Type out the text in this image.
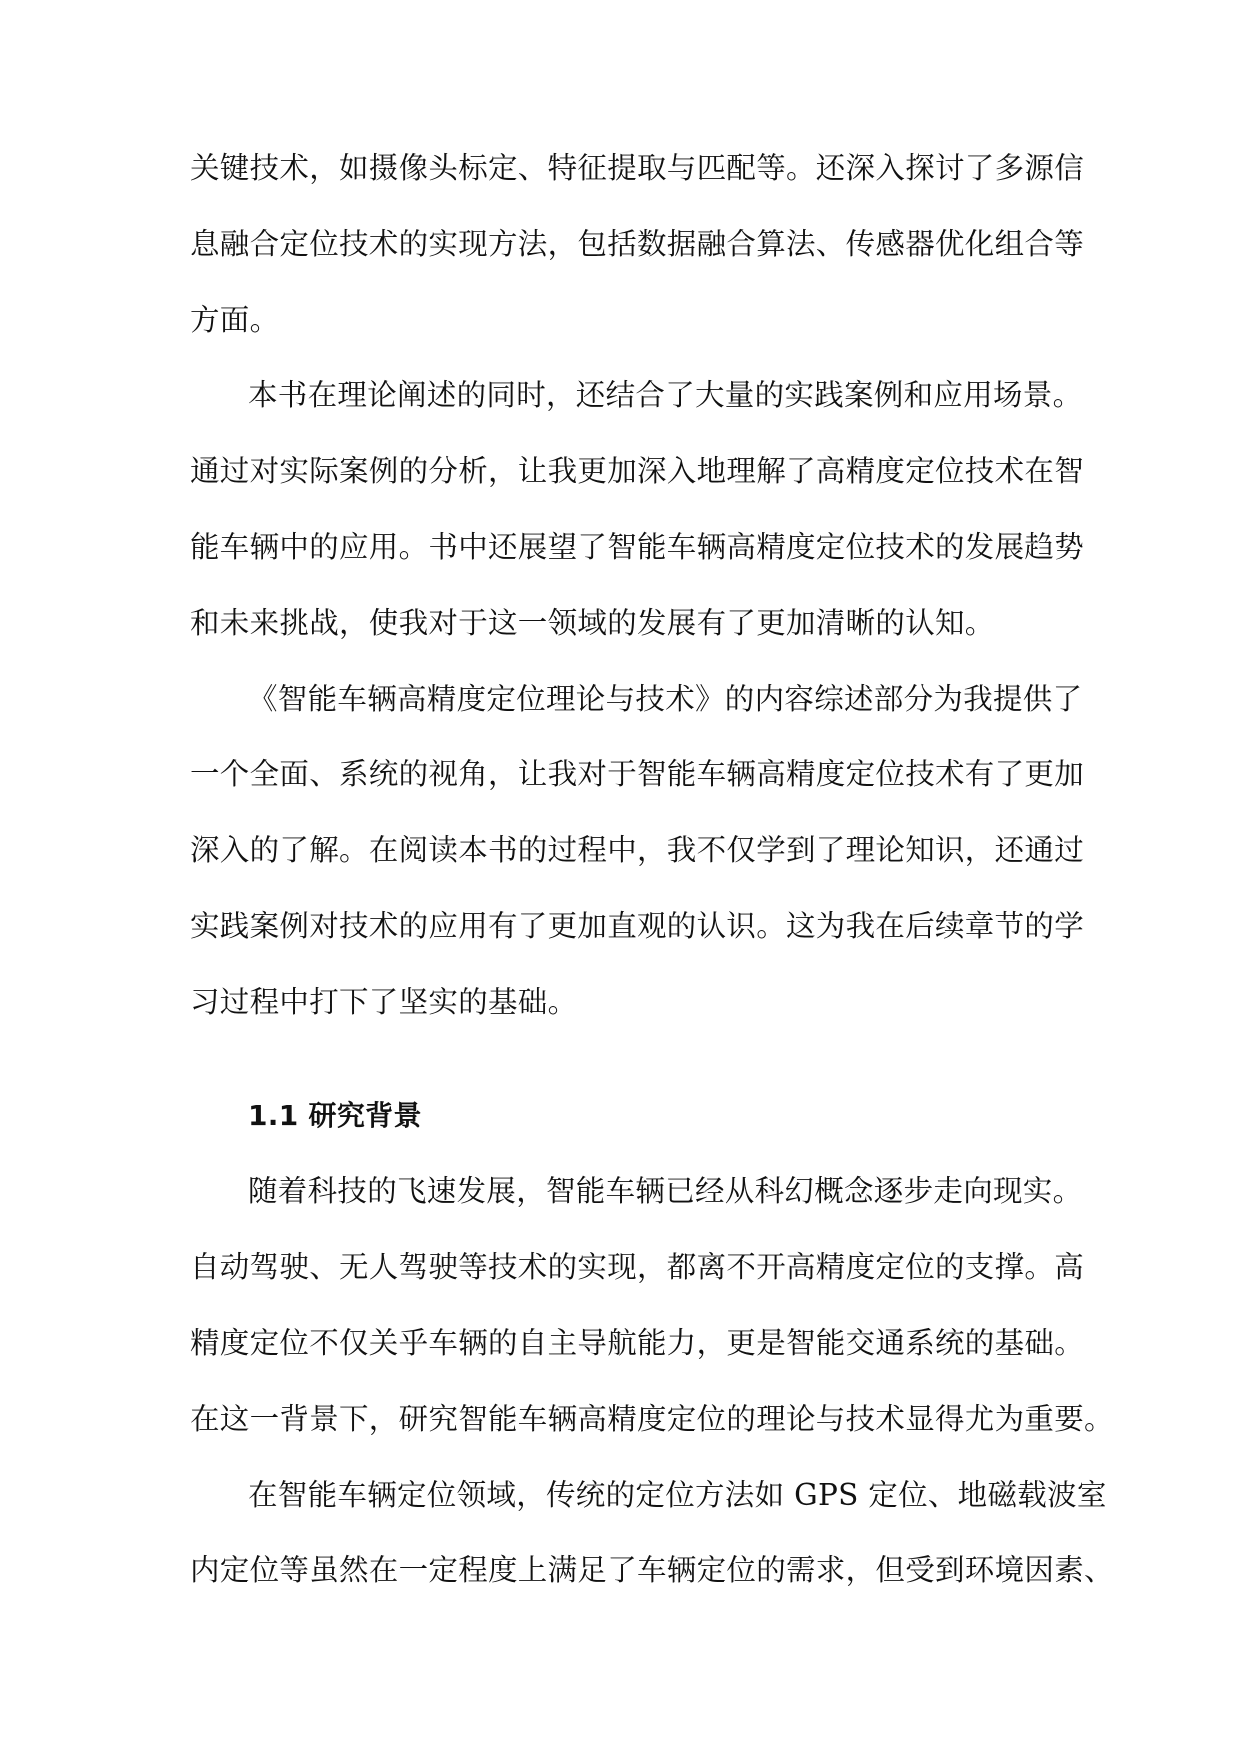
关键技术，如摄像头标定、特征提取与匹配等。还深入探讨了多源信
息融合定位技术的实现方法，包括数据融合算法、传感器优化组合等
方面。
本书在理论阐述的同时，还结合了大量的实践案例和应用场景。
通过对实际案例的分析，让我更加深入地理解了高精度定位技术在智
能车辆中的应用。书中还展望了智能车辆高精度定位技术的发展趋势
和未来挑战，使我对于这一领域的发展有了更加清晰的认知。
《智能车辆高精度定位理论与技术》的内容综述部分为我提供了
一个全面、系统的视角，让我对于智能车辆高精度定位技术有了更加
深入的了解。在阅读本书的过程中，我不仅学到了理论知识，还通过
实践案例对技术的应用有了更加直观的认识。这为我在后续章节的学
习过程中打下了坚实的基础。
1.1 研究背景
随着科技的飞速发展，智能车辆已经从科幻概念逐步走向现实。
自动驾驶、无人驾驶等技术的实现，都离不开高精度定位的支撑。高
精度定位不仅关乎车辆的自主导航能力，更是智能交通系统的基础。
在这一背景下，研究智能车辆高精度定位的理论与技术显得尤为重要。
在智能车辆定位领域，传统的定位方法如 GPS 定位、地磁载波室
内定位等虽然在一定程度上满足了车辆定位的需求，但受到环境因素、
